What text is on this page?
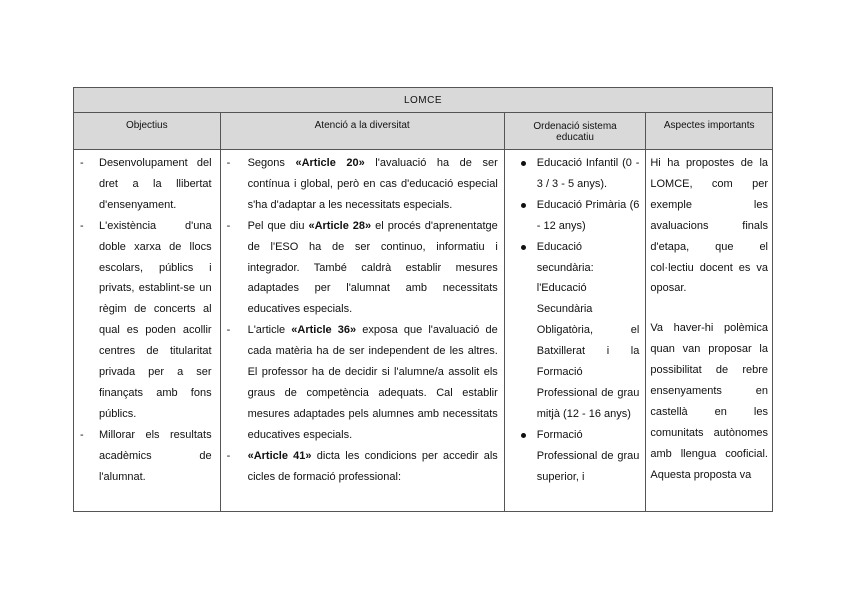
LOMCE
Objectius	Atenció a la diversitat	Ordenació sistema educatiu
Aspectes importants
- Desenvolupament del dret a la llibertat d'ensenyament.
- L'existència d'una doble xarxa de llocs escolars, públics i privats, establint-se un règim de concerts al qual es poden acollir centres de titularitat privada per a ser finançats amb fons públics.
- Millorar els resultats acadèmics de l'alumnat.
- Segons «Article 20» l'avaluació ha de ser contínua i global, però en cas d'educació especial s'ha d'adaptar a les necessitats especials.
- Pel que diu «Article 28» el procés d'aprenentatge de l'ESO ha de ser continuo, informatiu i integrador. També caldrà establir mesures adaptades per l'alumnat amb necessitats educatives especials.
- L'article «Article 36» exposa que l'avaluació de cada matèria ha de ser independent de les altres. El professor ha de decidir si l'alumne/a assolit els graus de competència adequats. Cal establir mesures adaptades pels alumnes amb necessitats educatives especials.
- «Article 41» dicta les condicions per accedir als cicles de formació professional:
Educació Infantil (0 - 3 / 3 - 5 anys).
Educació Primària (6 - 12 anys)
Educació secundària: l'Educació Secundària Obligatòria, el Batxillerat i la Formació Professional de grau mitjà (12 - 16 anys)
Formació Professional de grau superior, i

Hi ha propostes de la LOMCE, com per exemple les avaluacions finals d'etapa, que el col·lectiu docent es va oposar.

Va haver-hi polèmica quan van proposar la possibilitat de rebre ensenyaments en castellà en les comunitats autònomes amb llengua cooficial. Aquesta proposta va
